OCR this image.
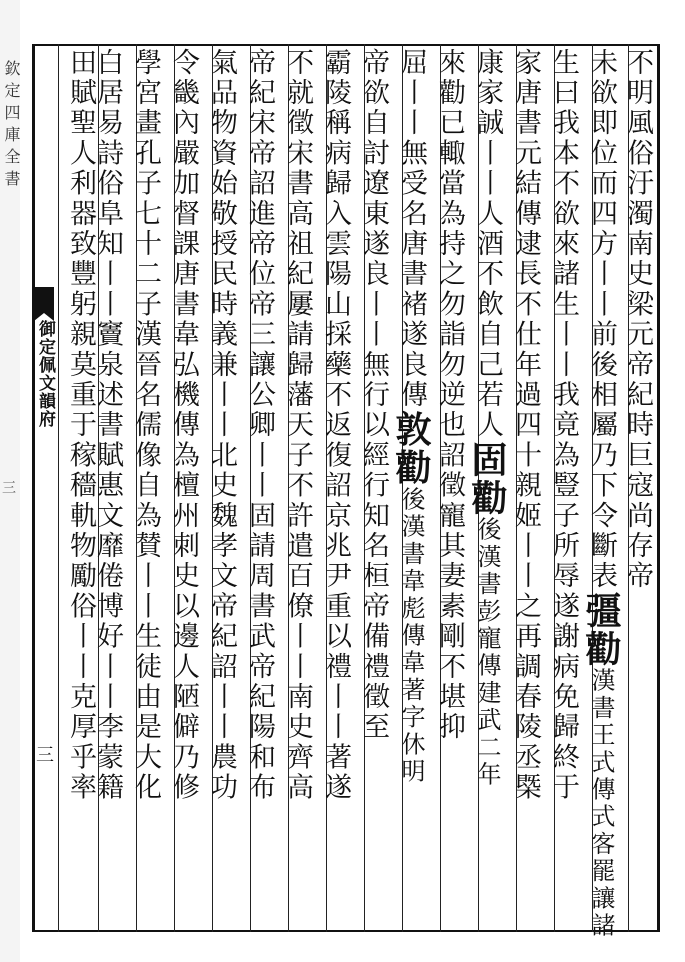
欽定四庫全書
御定佩文韻府
三
不明風俗汙濁南史梁元帝紀時巨寇尚存帝
未欲即位而四方丨丨前後相屬乃下令斷表彊勸漢書王式傳式客罷讓諸
生曰我本不欲來諸生丨丨我竟為豎子所辱遂謝病免歸終于
家唐書元結傳逮長不仕年過四十親姬丨丨之再調春陵丞㮣
康家誠丨丨人酒不飲自己若人固勸後漢書彭寵傳建武二年
來勸已輙當為持之勿詣勿逆也詔徵寵其妻素剛不堪抑
屈丨丨無受名唐書褚遂良傳敦勸後漢書韋彪傳韋著字休明
帝欲自討遼東遂良丨丨無行以經行知名桓帝備禮徵至
霸陵稱病歸入雲陽山採藥不返復詔京兆尹重以禮丨丨著遂
不就徵宋書高祖紀屢請歸藩天子不許遣百僚丨丨南史齊高
帝紀宋帝詔進帝位帝三讓公卿丨丨固請周書武帝紀陽和布
氣品物資始敬授民時義兼丨丨北史魏孝文帝紀詔丨丨農功
令畿內嚴加督課唐書韋弘機傳為檀州刺史以邊人陋僻乃修
學宮畫孔子七十二子漢晉名儒像自為賛丨丨生徒由是大化
白居易詩俗阜知丨丨竇泉述書賦惠文靡倦博好丨丨李蒙籍
田賦聖人利器致豐躬親莫重于稼穡軌物勵俗丨丨克厚乎率
三
